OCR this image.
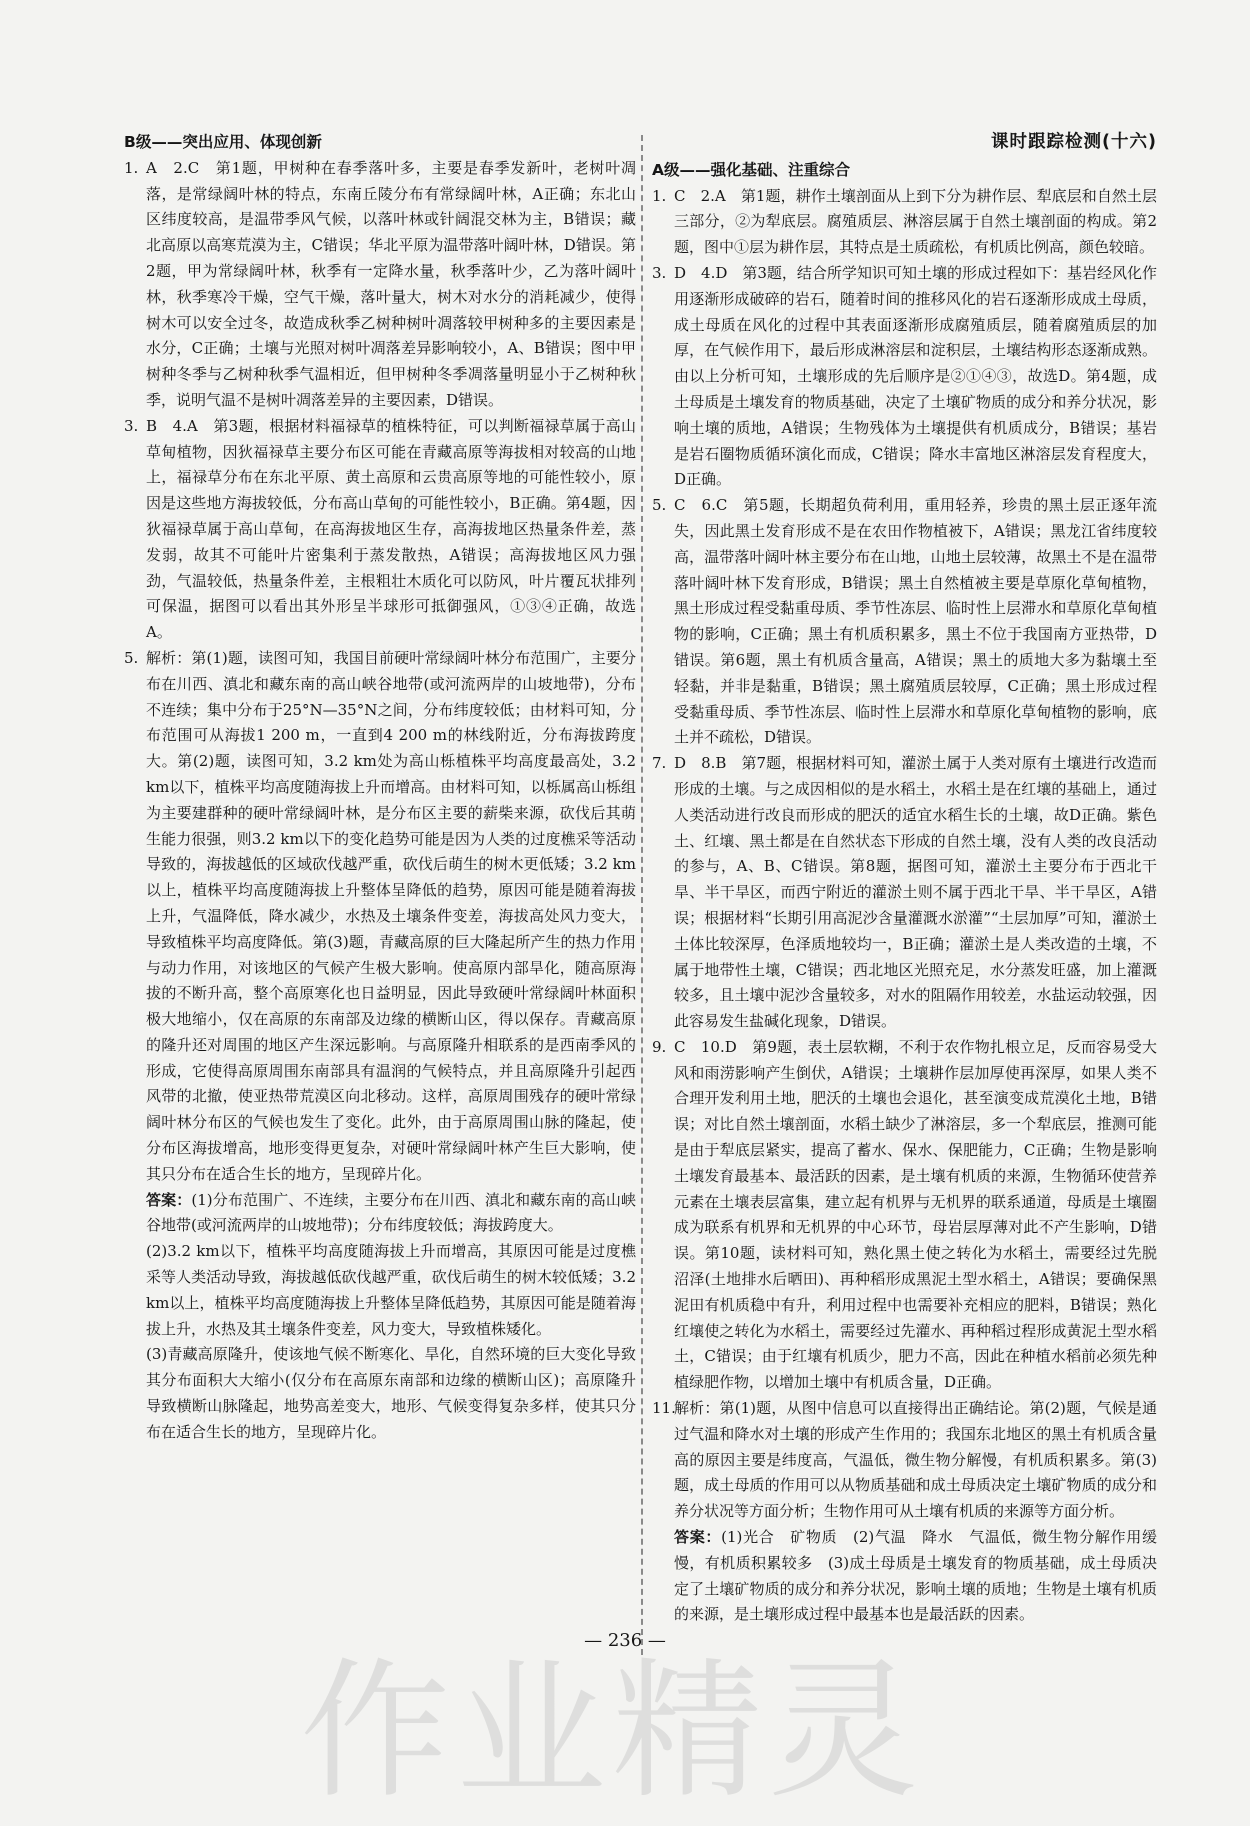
B级——突出应用、体现创新
1. A　2.C　第1题，甲树种在春季落叶多，主要是春季发新叶，老树叶凋落，是常绿阔叶林的特点，东南丘陵分布有常绿阔叶林，A正确；东北山区纬度较高，是温带季风气候，以落叶林或针阔混交林为主，B错误；藏北高原以高寒荒漠为主，C错误；华北平原为温带落叶阔叶林，D错误。第2题，甲为常绿阔叶林，秋季有一定降水量，秋季落叶少，乙为落叶阔叶林，秋季寒冷干燥，空气干燥，落叶量大，树木对水分的消耗减少，使得树木可以安全过冬，故造成秋季乙树种树叶凋落较甲树种多的主要因素是水分，C正确；土壤与光照对树叶凋落差异影响较小，A、B错误；图中甲树种冬季与乙树种秋季气温相近，但甲树种冬季凋落量明显小于乙树种秋季，说明气温不是树叶凋落差异的主要因素，D错误。
3. B　4.A　第3题，根据材料福禄草的植株特征，可以判断福禄草属于高山草甸植物，因狄福禄草主要分布区可能在青藏高原等海拔相对较高的山地上，福禄草分布在东北平原、黄土高原和云贵高原等地的可能性较小，原因是这些地方海拔较低，分布高山草甸的可能性较小，B正确。第4题，因狄福禄草属于高山草甸，在高海拔地区生存，高海拔地区热量条件差，蒸发弱，故其不可能叶片密集利于蒸发散热，A错误；高海拔地区风力强劲，气温较低，热量条件差，主根粗壮木质化可以防风，叶片覆瓦状排列可保温，据图可以看出其外形呈半球形可抵御强风，①③④正确，故选A。
5. 解析：第(1)题，读图可知，我国目前硬叶常绿阔叶林分布范围广，主要分布在川西、滇北和藏东南的高山峡谷地带(或河流两岸的山坡地带)，分布不连续；集中分布于25°N—35°N之间，分布纬度较低；由材料可知，分布范围可从海拔1 200 m，一直到4 200 m的林线附近，分布海拔跨度大。第(2)题，读图可知，3.2 km处为高山栎植株平均高度最高处，3.2 km以下，植株平均高度随海拔上升而增高。由材料可知，以栎属高山栎组为主要建群种的硬叶常绿阔叶林，是分布区主要的薪柴来源，砍伐后其萌生能力很强，则3.2 km以下的变化趋势可能是因为人类的过度樵采等活动导致的，海拔越低的区域砍伐越严重，砍伐后萌生的树木更低矮；3.2 km以上，植株平均高度随海拔上升整体呈降低的趋势，原因可能是随着海拔上升，气温降低，降水减少，水热及土壤条件变差，海拔高处风力变大，导致植株平均高度降低。第(3)题，青藏高原的巨大隆起所产生的热力作用与动力作用，对该地区的气候产生极大影响。使高原内部旱化，随高原海拔的不断升高，整个高原寒化也日益明显，因此导致硬叶常绿阔叶林面积极大地缩小，仅在高原的东南部及边缘的横断山区，得以保存。青藏高原的隆升还对周围的地区产生深远影响。与高原隆升相联系的是西南季风的形成，它使得高原周围东南部具有温润的气候特点，并且高原隆升引起西风带的北撤，使亚热带荒漠区向北移动。这样，高原周围残存的硬叶常绿阔叶林分布区的气候也发生了变化。此外，由于高原周围山脉的隆起，使分布区海拔增高，地形变得更复杂，对硬叶常绿阔叶林产生巨大影响，使其只分布在适合生长的地方，呈现碎片化。
答案：(1)分布范围广、不连续，主要分布在川西、滇北和藏东南的高山峡谷地带(或河流两岸的山坡地带)；分布纬度较低；海拔跨度大。
(2)3.2 km以下，植株平均高度随海拔上升而增高，其原因可能是过度樵采等人类活动导致，海拔越低砍伐越严重，砍伐后萌生的树木较低矮；3.2 km以上，植株平均高度随海拔上升整体呈降低趋势，其原因可能是随着海拔上升，水热及其土壤条件变差，风力变大，导致植株矮化。
(3)青藏高原隆升，使该地气候不断寒化、旱化，自然环境的巨大变化导致其分布面积大大缩小(仅分布在高原东南部和边缘的横断山区)；高原隆升导致横断山脉隆起，地势高差变大，地形、气候变得复杂多样，使其只分布在适合生长的地方，呈现碎片化。
课时跟踪检测(十六)
A级——强化基础、注重综合
1. C　2.A　第1题，耕作土壤剖面从上到下分为耕作层、犁底层和自然土层三部分，②为犁底层。腐殖质层、淋溶层属于自然土壤剖面的构成。第2题，图中①层为耕作层，其特点是土质疏松，有机质比例高，颜色较暗。
3. D　4.D　第3题，结合所学知识可知土壤的形成过程如下：基岩经风化作用逐渐形成破碎的岩石，随着时间的推移风化的岩石逐渐形成成土母质，成土母质在风化的过程中其表面逐渐形成腐殖质层，随着腐殖质层的加厚，在气候作用下，最后形成淋溶层和淀积层，土壤结构形态逐渐成熟。由以上分析可知，土壤形成的先后顺序是②①④③，故选D。第4题，成土母质是土壤发育的物质基础，决定了土壤矿物质的成分和养分状况，影响土壤的质地，A错误；生物残体为土壤提供有机质成分，B错误；基岩是岩石圈物质循环演化而成，C错误；降水丰富地区淋溶层发育程度大，D正确。
5. C　6.C　第5题，长期超负荷利用，重用轻养，珍贵的黑土层正逐年流失，因此黑土发育形成不是在农田作物植被下，A错误；黑龙江省纬度较高，温带落叶阔叶林主要分布在山地，山地土层较薄，故黑土不是在温带落叶阔叶林下发育形成，B错误；黑土自然植被主要是草原化草甸植物，黑土形成过程受黏重母质、季节性冻层、临时性上层滞水和草原化草甸植物的影响，C正确；黑土有机质积累多，黑土不位于我国南方亚热带，D错误。第6题，黑土有机质含量高，A错误；黑土的质地大多为黏壤土至轻黏，并非是黏重，B错误；黑土腐殖质层较厚，C正确；黑土形成过程受黏重母质、季节性冻层、临时性上层滞水和草原化草甸植物的影响，底土并不疏松，D错误。
7. D　8.B　第7题，根据材料可知，灌淤土属于人类对原有土壤进行改造而形成的土壤。与之成因相似的是水稻土，水稻土是在红壤的基础上，通过人类活动进行改良而形成的肥沃的适宜水稻生长的土壤，故D正确。紫色土、红壤、黑土都是在自然状态下形成的自然土壤，没有人类的改良活动的参与，A、B、C错误。第8题，据图可知，灌淤土主要分布于西北干旱、半干旱区，而西宁附近的灌淤土则不属于西北干旱、半干旱区，A错误；根据材料“长期引用高泥沙含量灌溉水淤灌”“土层加厚”可知，灌淤土土体比较深厚，色泽质地较均一，B正确；灌淤土是人类改造的土壤，不属于地带性土壤，C错误；西北地区光照充足，水分蒸发旺盛，加上灌溉较多，且土壤中泥沙含量较多，对水的阻隔作用较差，水盐运动较强，因此容易发生盐碱化现象，D错误。
9. C　10.D　第9题，表土层软糊，不利于农作物扎根立足，反而容易受大风和雨涝影响产生倒伏，A错误；土壤耕作层加厚使再深厚，如果人类不合理开发利用土地，肥沃的土壤也会退化，甚至演变成荒漠化土地，B错误；对比自然土壤剖面，水稻土缺少了淋溶层，多一个犁底层，推测可能是由于犁底层紧实，提高了蓄水、保水、保肥能力，C正确；生物是影响土壤发育最基本、最活跃的因素，是土壤有机质的来源，生物循环使营养元素在土壤表层富集，建立起有机界与无机界的联系通道，母质是土壤圈成为联系有机界和无机界的中心环节，母岩层厚薄对此不产生影响，D错误。第10题，读材料可知，熟化黑土使之转化为水稻土，需要经过先脱沼泽(土地排水后晒田)、再种稻形成黑泥土型水稻土，A错误；要确保黑泥田有机质稳中有升，利用过程中也需要补充相应的肥料，B错误；熟化红壤使之转化为水稻土，需要经过先灌水、再种稻过程形成黄泥土型水稻土，C错误；由于红壤有机质少，肥力不高，因此在种植水稻前必须先种植绿肥作物，以增加土壤中有机质含量，D正确。
11.
解析：第(1)题，从图中信息可以直接得出正确结论。第(2)题，气候是通过气温和降水对土壤的形成产生作用的；我国东北地区的黑土有机质含量高的原因主要是纬度高，气温低，微生物分解慢，有机质积累多。第(3)题，成土母质的作用可以从物质基础和成土母质决定土壤矿物质的成分和养分状况等方面分析；生物作用可从土壤有机质的来源等方面分析。
答案：(1)光合　矿物质　(2)气温　降水　气温低，微生物分解作用缓慢，有机质积累较多　(3)成土母质是土壤发育的物质基础，成土母质决定了土壤矿物质的成分和养分状况，影响土壤的质地；生物是土壤有机质的来源，是土壤形成过程中最基本也是最活跃的因素。
— 236 —
作业精灵
